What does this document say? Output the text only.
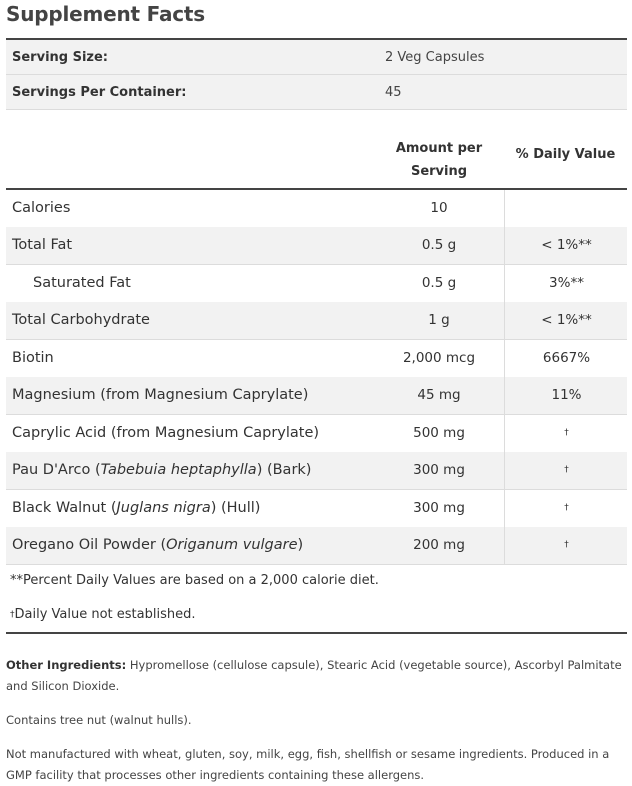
Supplement Facts
Serving Size:	2 Veg Capsules
Servings Per Container:	45
Amount per
Serving
% Daily Value
Calories	10
Total Fat	0.5 g	< 1%**
Saturated Fat	0.5 g	3%**
Total Carbohydrate	1 g	< 1%**
Biotin	2,000 mcg	6667%
Magnesium (from Magnesium Caprylate)	45 mg	11%
Caprylic Acid (from Magnesium Caprylate)	500 mg	†
Pau D'Arco (Tabebuia heptaphylla) (Bark)	300 mg	†
Black Walnut (Juglans nigra) (Hull)	300 mg	†
Oregano Oil Powder (Origanum vulgare)	200 mg	†
**Percent Daily Values are based on a 2,000 calorie diet.
†Daily Value not established.
Other Ingredients: Hypromellose (cellulose capsule), Stearic Acid (vegetable source), Ascorbyl Palmitate and Silicon Dioxide.
Contains tree nut (walnut hulls).
Not manufactured with wheat, gluten, soy, milk, egg, fish, shellfish or sesame ingredients. Produced in a GMP facility that processes other ingredients containing these allergens.
